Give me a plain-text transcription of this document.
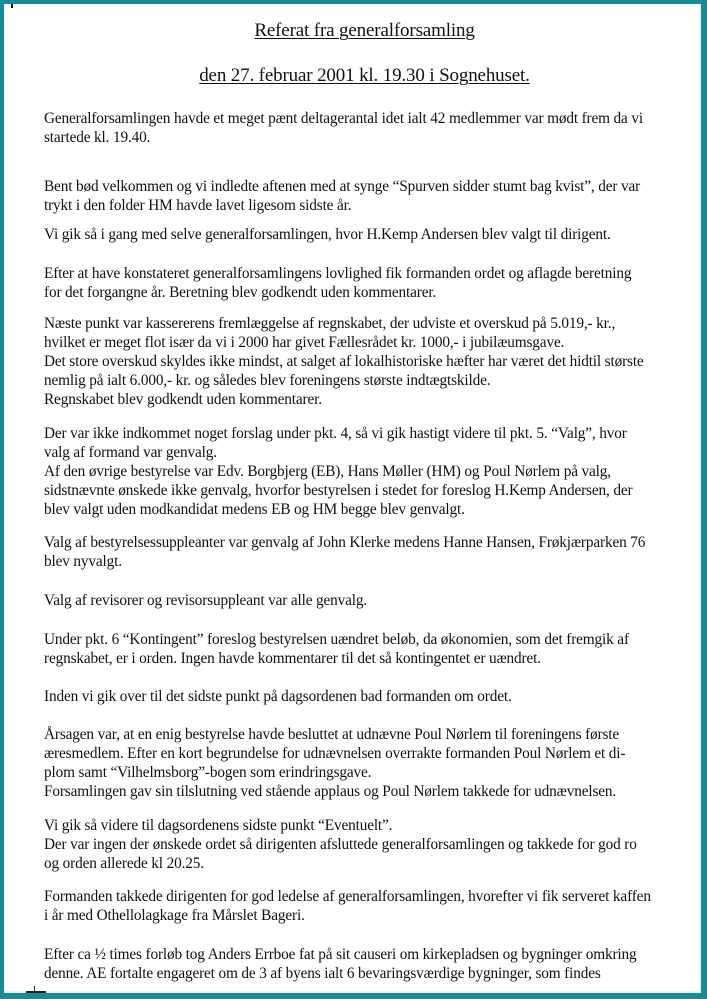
Referat fra generalforsamling
den 27. februar 2001 kl. 19.30 i Sognehuset.

Generalforsamlingen havde et meget pænt deltagerantal idet ialt 42 medlemmer var mødt frem da vi
startede kl. 19.40.

Bent bød velkommen og vi indledte aftenen med at synge “Spurven sidder stumt bag kvist”, der var
trykt i den folder HM havde lavet ligesom sidste år.

Vi gik så i gang med selve generalforsamlingen, hvor H.Kemp Andersen blev valgt til dirigent.

Efter at have konstateret generalforsamlingens lovlighed fik formanden ordet og aflagde beretning
for det forgangne år. Beretning blev godkendt uden kommentarer.

Næste punkt var kassererens fremlæggelse af regnskabet, der udviste et overskud på 5.019,- kr.,
hvilket er meget flot især da vi i 2000 har givet Fællesrådet kr. 1000,- i jubilæumsgave.
Det store overskud skyldes ikke mindst, at salget af lokalhistoriske hæfter har været det hidtil største
nemlig på ialt 6.000,- kr. og således blev foreningens største indtægtskilde.
Regnskabet blev godkendt uden kommentarer.

Der var ikke indkommet noget forslag under pkt. 4, så vi gik hastigt videre til pkt. 5. “Valg”, hvor
valg af formand var genvalg.
Af den øvrige bestyrelse var Edv. Borgbjerg (EB), Hans Møller (HM) og Poul Nørlem på valg,
sidstnævnte ønskede ikke genvalg, hvorfor bestyrelsen i stedet for foreslog H.Kemp Andersen, der
blev valgt uden modkandidat medens EB og HM begge blev genvalgt.

Valg af bestyrelsessuppleanter var genvalg af John Klerke medens Hanne Hansen, Frøkjærparken 76
blev nyvalgt.

Valg af revisorer og revisorsuppleant var alle genvalg.

Under pkt. 6 “Kontingent” foreslog bestyrelsen uændret beløb, da økonomien, som det fremgik af
regnskabet, er i orden. Ingen havde kommentarer til det så kontingentet er uændret.

Inden vi gik over til det sidste punkt på dagsordenen bad formanden om ordet.

Årsagen var, at en enig bestyrelse havde besluttet at udnævne Poul Nørlem til foreningens første
æresmedlem. Efter en kort begrundelse for udnævnelsen overrakte formanden Poul Nørlem et di-
plom samt “Vilhelmsborg”-bogen som erindringsgave.
Forsamlingen gav sin tilslutning ved stående applaus og Poul Nørlem takkede for udnævnelsen.

Vi gik så videre til dagsordenens sidste punkt “Eventuelt”.
Der var ingen der ønskede ordet så dirigenten afsluttede generalforsamlingen og takkede for god ro
og orden allerede kl 20.25.

Formanden takkede dirigenten for god ledelse af generalforsamlingen, hvorefter vi fik serveret kaffen
i år med Othellolagkage fra Mårslet Bageri.

Efter ca ½ times forløb tog Anders Errboe fat på sit causeri om kirkepladsen og bygninger omkring
denne. AE fortalte engageret om de 3 af byens ialt 6 bevaringsværdige bygninger, som findes
